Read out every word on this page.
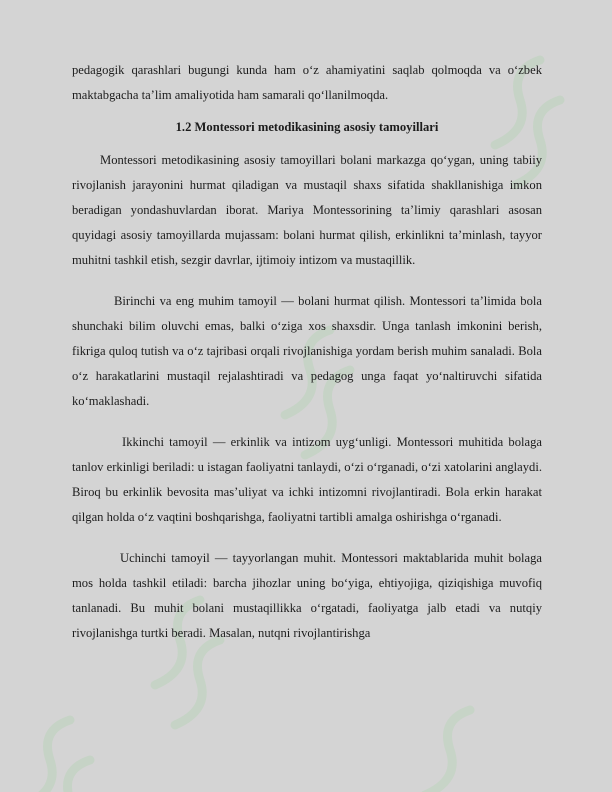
pedagogik qarashlari bugungi kunda ham o‘z ahamiyatini saqlab qolmoqda va o‘zbek maktabgacha ta’lim amaliyotida ham samarali qo‘llanilmoqda.

1.2 Montessori metodikasining asosiy tamoyillari

Montessori metodikasining asosiy tamoyillari bolani markazga qo‘ygan, uning tabiiy rivojlanish jarayonini hurmat qiladigan va mustaqil shaxs sifatida shakllanishiga imkon beradigan yondashuvlardan iborat. Mariya Montessorining ta’limiy qarashlari asosan quyidagi asosiy tamoyillarda mujassam: bolani hurmat qilish, erkinlikni ta’minlash, tayyor muhitni tashkil etish, sezgir davrlar, ijtimoiy intizom va mustaqillik.

Birinchi va eng muhim tamoyil — bolani hurmat qilish. Montessori ta’limida bola shunchaki bilim oluvchi emas, balki o‘ziga xos shaxsdir. Unga tanlash imkonini berish, fikriga quloq tutish va o‘z tajribasi orqali rivojlanishiga yordam berish muhim sanaladi. Bola o‘z harakatlarini mustaqil rejalashtiradi va pedagog unga faqat yo‘naltiruvchi sifatida ko‘maklashadi.

Ikkinchi tamoyil — erkinlik va intizom uyg‘unligi. Montessori muhitida bolaga tanlov erkinligi beriladi: u istagan faoliyatni tanlaydi, o‘zi o‘rganadi, o‘zi xatolarini anglaydi. Biroq bu erkinlik bevosita mas’uliyat va ichki intizomni rivojlantiradi. Bola erkin harakat qilgan holda o‘z vaqtini boshqarishga, faoliyatni tartibli amalga oshirishga o‘rganadi.

Uchinchi tamoyil — tayyorlangan muhit. Montessori maktablarida muhit bolaga mos holda tashkil etiladi: barcha jihozlar uning bo‘yiga, ehtiyojiga, qiziqishiga muvofiq tanlanadi. Bu muhit bolani mustaqillikka o‘rgatadi, faoliyatga jalb etadi va nutqiy rivojlanishga turtki beradi. Masalan, nutqni rivojlantirishga
